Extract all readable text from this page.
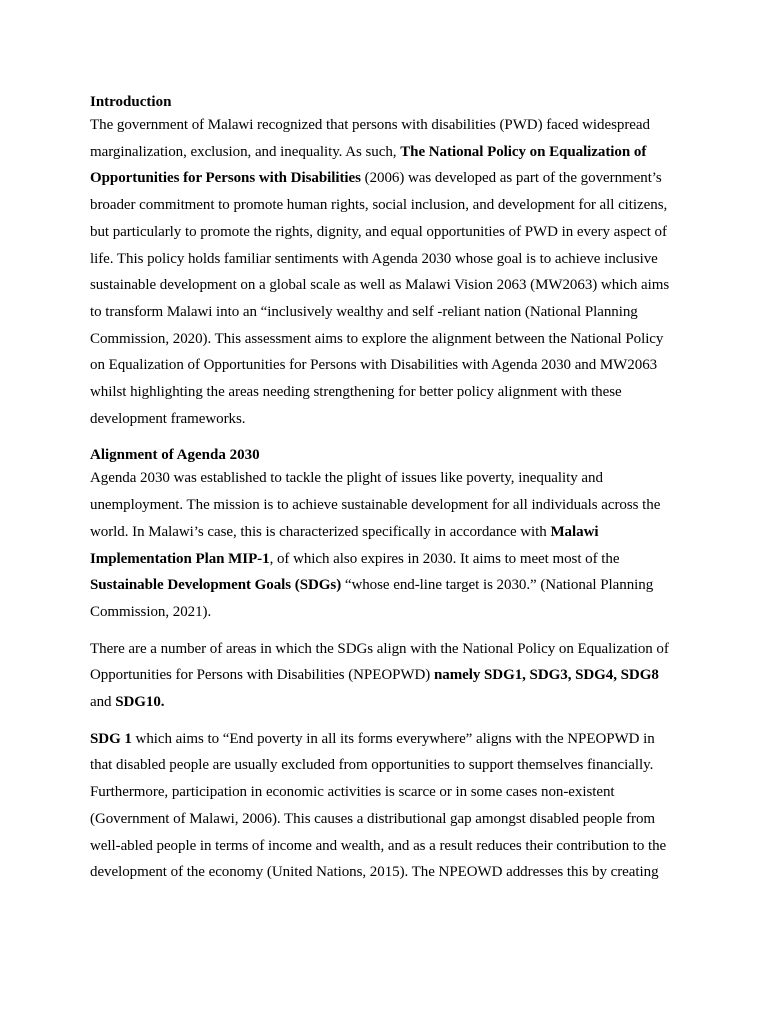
Introduction

The government of Malawi recognized that persons with disabilities (PWD) faced widespread marginalization, exclusion, and inequality. As such, The National Policy on Equalization of Opportunities for Persons with Disabilities (2006) was developed as part of the government’s broader commitment to promote human rights, social inclusion, and development for all citizens, but particularly to promote the rights, dignity, and equal opportunities of PWD in every aspect of life. This policy holds familiar sentiments with Agenda 2030 whose goal is to achieve inclusive sustainable development on a global scale as well as Malawi Vision 2063 (MW2063) which aims to transform Malawi into an “inclusively wealthy and self -reliant nation (National Planning Commission, 2020). This assessment aims to explore the alignment between the National Policy on Equalization of Opportunities for Persons with Disabilities with Agenda 2030 and MW2063 whilst highlighting the areas needing strengthening for better policy alignment with these development frameworks.

Alignment of Agenda 2030

Agenda 2030 was established to tackle the plight of issues like poverty, inequality and unemployment. The mission is to achieve sustainable development for all individuals across the world. In Malawi’s case, this is characterized specifically in accordance with Malawi Implementation Plan MIP-1, of which also expires in 2030. It aims to meet most of the Sustainable Development Goals (SDGs) “whose end-line target is 2030.” (National Planning Commission, 2021).

There are a number of areas in which the SDGs align with the National Policy on Equalization of Opportunities for Persons with Disabilities (NPEOPWD) namely SDG1, SDG3, SDG4, SDG8 and SDG10.

SDG 1 which aims to “End poverty in all its forms everywhere” aligns with the NPEOPWD in that disabled people are usually excluded from opportunities to support themselves financially. Furthermore, participation in economic activities is scarce or in some cases non-existent (Government of Malawi, 2006). This causes a distributional gap amongst disabled people from well-abled people in terms of income and wealth, and as a result reduces their contribution to the development of the economy (United Nations, 2015). The NPEOWD addresses this by creating
